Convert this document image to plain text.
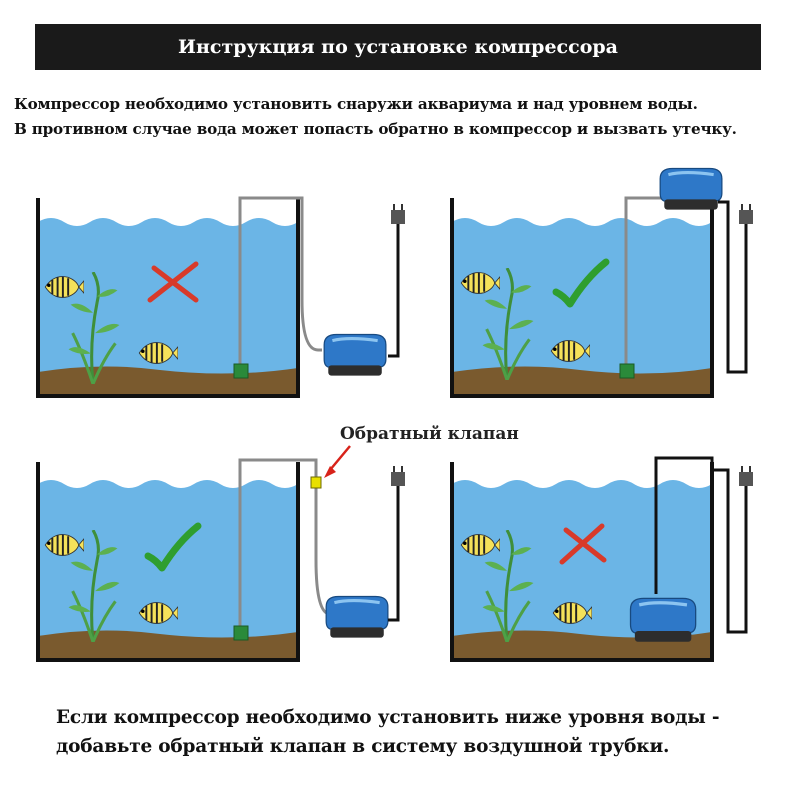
Инструкция по установке компрессора
Компрессор необходимо установить снаружи аквариума и над уровнем воды.
В противном случае вода может попасть обратно в компрессор и вызвать утечку.
Обратный клапан
Если компрессор необходимо установить ниже уровня воды -
добавьте обратный клапан в систему воздушной трубки.
